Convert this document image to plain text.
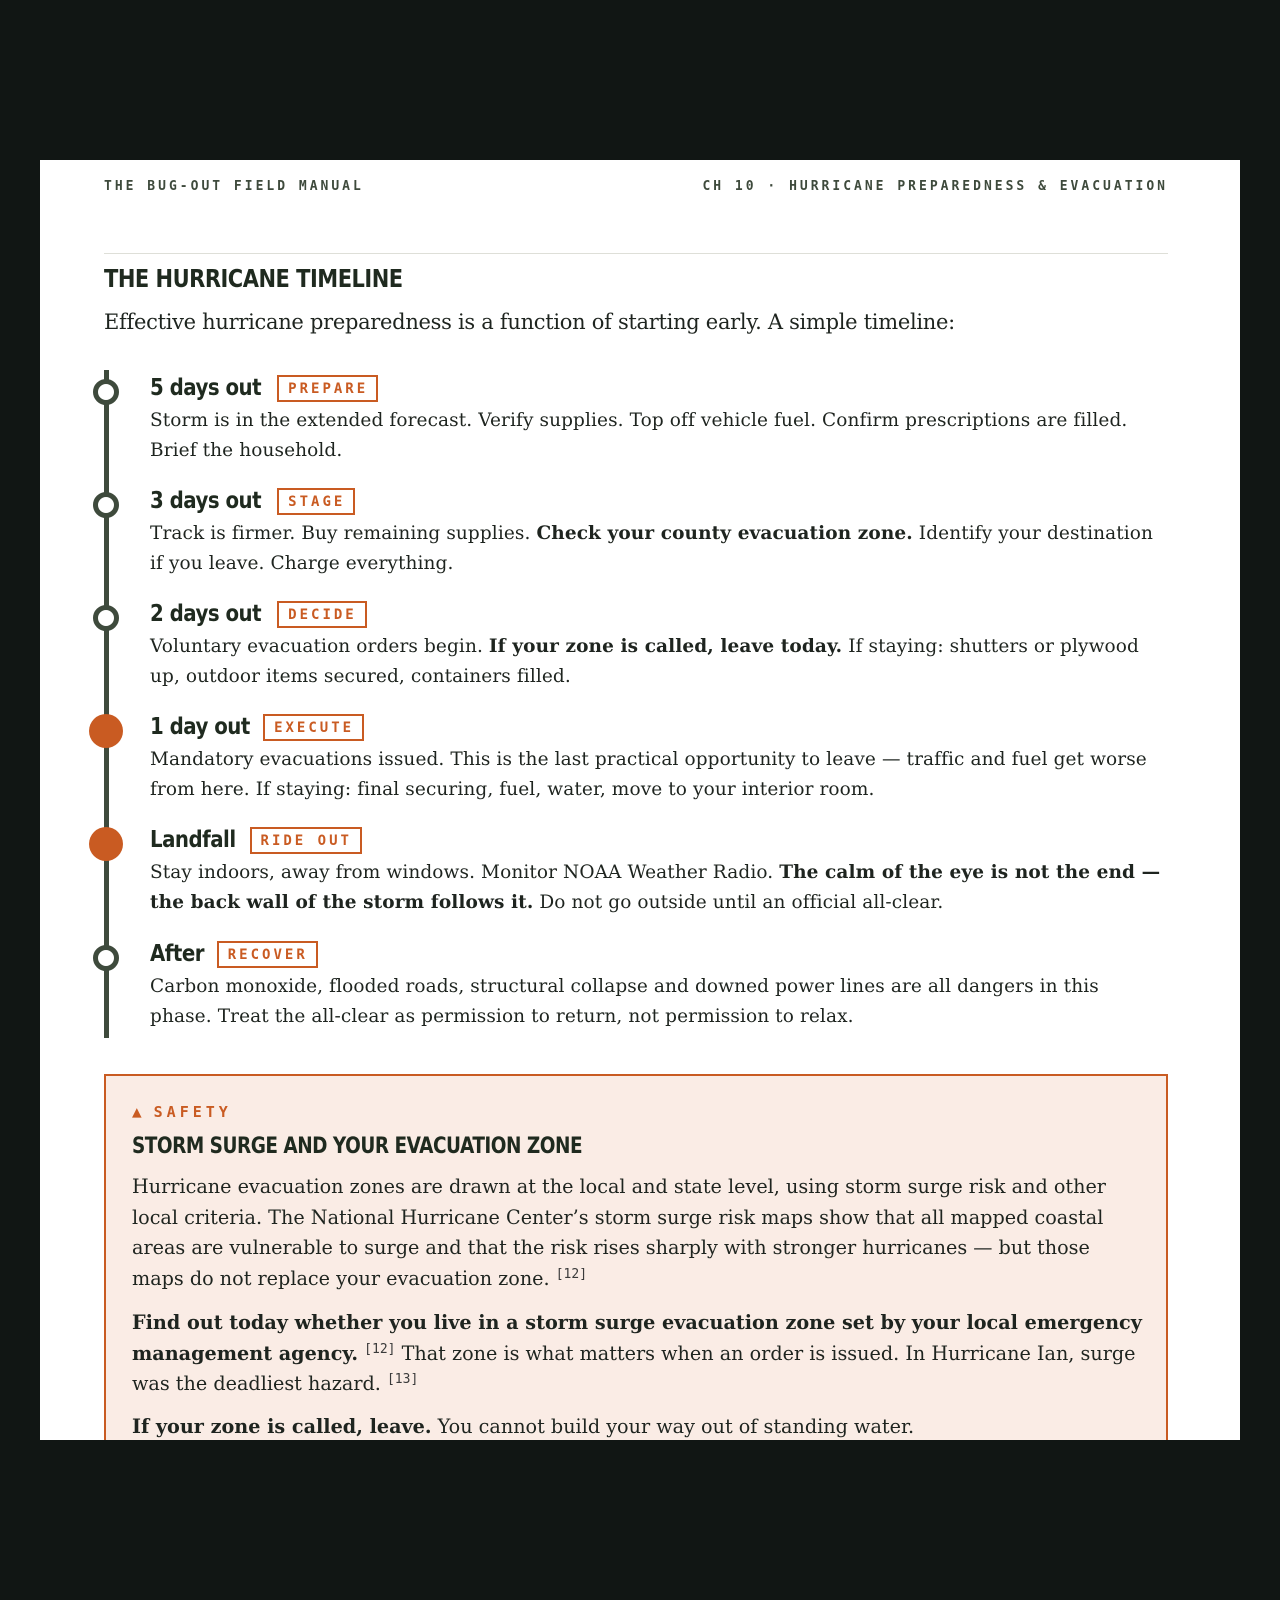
THE BUG-OUT FIELD MANUAL	CH 10 · HURRICANE PREPAREDNESS & EVACUATION
THE HURRICANE TIMELINE

Effective hurricane preparedness is a function of starting early. A simple timeline:

5 days out	PREPARE

Storm is in the extended forecast. Verify supplies. Top off vehicle fuel. Confirm prescriptions are filled. Brief the household.

3 days out	STAGE

Track is firmer. Buy remaining supplies. Check your county evacuation zone. Identify your destination if you leave. Charge everything.

2 days out	DECIDE

Voluntary evacuation orders begin. If your zone is called, leave today. If staying: shutters or plywood up, outdoor items secured, containers filled.

1 day out	EXECUTE

Mandatory evacuations issued. This is the last practical opportunity to leave — traffic and fuel get worse from here. If staying: final securing, fuel, water, move to your interior room.

Landfall	RIDE OUT

Stay indoors, away from windows. Monitor NOAA Weather Radio. The calm of the eye is not the end — the back wall of the storm follows it. Do not go outside until an official all-clear.

After	RECOVER

Carbon monoxide, flooded roads, structural collapse and downed power lines are all dangers in this phase. Treat the all-clear as permission to return, not permission to relax.

▲ SAFETY
STORM SURGE AND YOUR EVACUATION ZONE

Hurricane evacuation zones are drawn at the local and state level, using storm surge risk and other local criteria. The National Hurricane Center’s storm surge risk maps show that all mapped coastal areas are vulnerable to surge and that the risk rises sharply with stronger hurricanes — but those maps do not replace your evacuation zone. [12]

Find out today whether you live in a storm surge evacuation zone set by your local emergency management agency. [12] That zone is what matters when an order is issued. In Hurricane Ian, surge was the deadliest hazard. [13]

If your zone is called, leave. You cannot build your way out of standing water.
